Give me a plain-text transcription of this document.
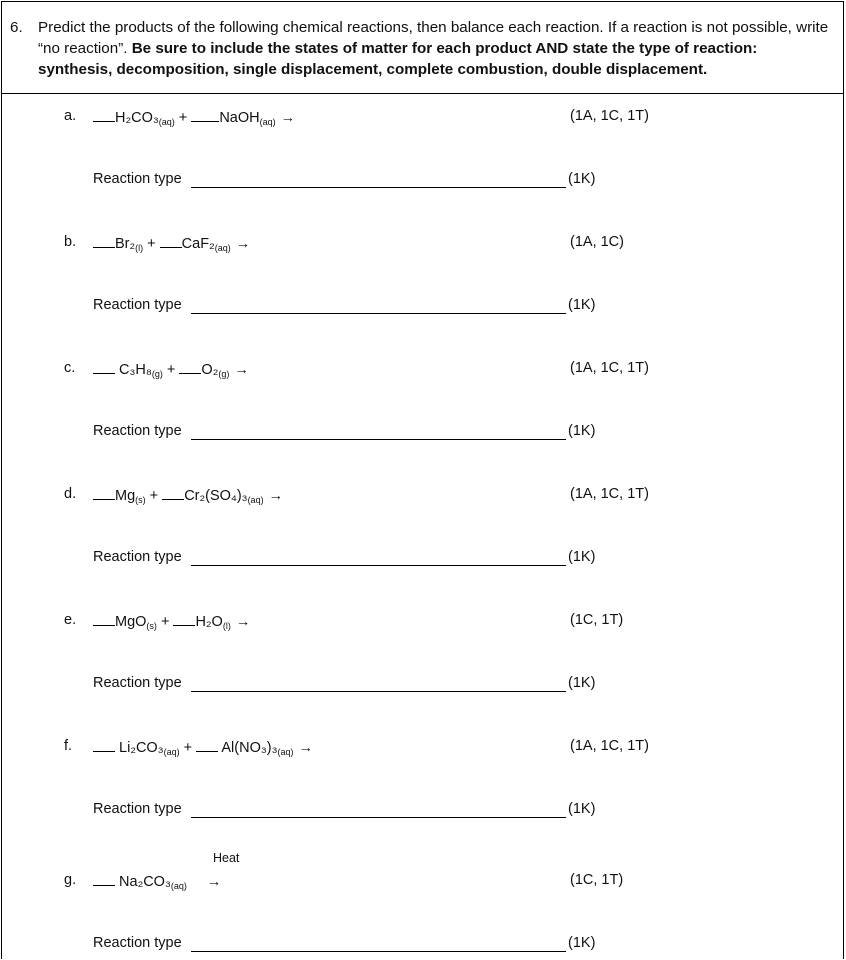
6. Predict the products of the following chemical reactions, then balance each reaction. If a reaction is not possible, write “no reaction”. Be sure to include the states of matter for each product AND state the type of reaction: synthesis, decomposition, single displacement, complete combustion, double displacement.
a.	$H_2CO_3_{(aq)}$ + NaOH$_{(aq)}$ →	(1A, 1C, 1T)
Reaction type	(1K)
b.	$Br_2_{(l)} + CaF_2_{(aq)}$ →	(1A, 1C)
Reaction type	(1K)
c.	$C_3H_8_{(g)} + O_2_{(g)}$ →	(1A, 1C, 1T)
Reaction type	(1K)
d.	$Mg_{(s)} + Cr_2(SO_4)_3_{(aq)}$ →	(1A, 1C, 1T)
Reaction type	(1K)
e.	$MgO_{(s)} + H_2O_{(l)}$ →	(1C, 1T)
Reaction type	(1K)
f.	$Li_2CO_3_{(aq)} + Al(NO_3)_3_{(aq)}$ →	(1A, 1C, 1T)
Reaction type	(1K)
Heat
g.	$Na_2CO_3_{(aq)}$ →	(1C, 1T)
Reaction type	(1K)
